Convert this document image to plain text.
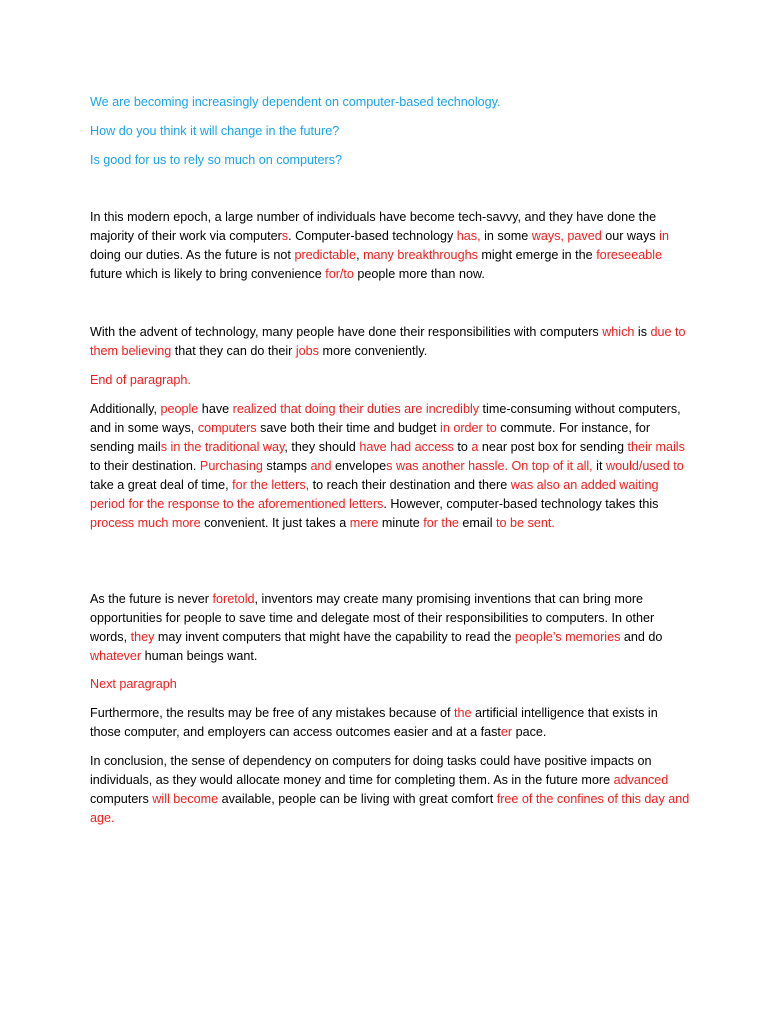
We are becoming increasingly dependent on computer-based technology.

How do you think it will change in the future?

Is good for us to rely so much on computers?

In this modern epoch, a large number of individuals have become tech-savvy, and they have done the majority of their work via computers. Computer-based technology has, in some ways, paved our ways in doing our duties. As the future is not predictable, many breakthroughs might emerge in the foreseeable future which is likely to bring convenience for/to people more than now.

With the advent of technology, many people have done their responsibilities with computers which is due to them believing that they can do their jobs more conveniently.

End of paragraph.

Additionally, people have realized that doing their duties are incredibly time-consuming without computers, and in some ways, computers save both their time and budget in order to commute. For instance, for sending mails in the traditional way, they should have had access to a near post box for sending their mails to their destination. Purchasing stamps and envelopes was another hassle. On top of it all, it would/used to take a great deal of time, for the letters, to reach their destination and there was also an added waiting period for the response to the aforementioned letters. However, computer-based technology takes this process much more convenient. It just takes a mere minute for the email to be sent.

As the future is never foretold, inventors may create many promising inventions that can bring more opportunities for people to save time and delegate most of their responsibilities to computers. In other words, they may invent computers that might have the capability to read the people’s memories and do whatever human beings want.

Next paragraph

Furthermore, the results may be free of any mistakes because of the artificial intelligence that exists in those computer, and employers can access outcomes easier and at a faster pace.

In conclusion, the sense of dependency on computers for doing tasks could have positive impacts on individuals, as they would allocate money and time for completing them. As in the future more advanced computers will become available, people can be living with great comfort free of the confines of this day and age.
